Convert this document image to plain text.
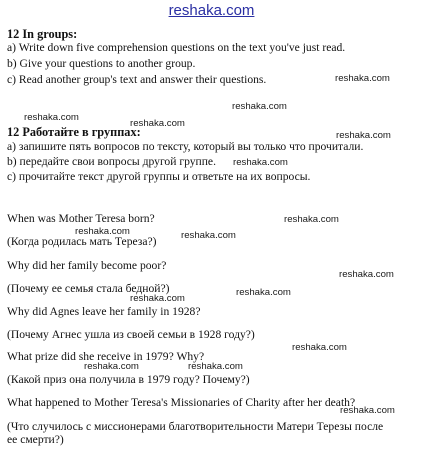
reshaka.com
12 In groups:
a) Write down five comprehension questions on the text you've just read.
b) Give your questions to another group.
c) Read another group's text and answer their questions.
12 Работайте в группах:
a) запишите пять вопросов по тексту, который вы только что прочитали.
b) передайте свои вопросы другой группе.
c) прочитайте текст другой группы и ответьте на их вопросы.
When was Mother Teresa born?
(Когда родилась мать Тереза?)
Why did her family become poor?
(Почему ее семья стала бедной?)
Why did Agnes leave her family in 1928?
(Почему Агнес ушла из своей семьи в 1928 году?)
What prize did she receive in 1979? Why?
(Какой приз она получила в 1979 году? Почему?)
What happened to Mother Teresa's Missionaries of Charity after her death?
(Что случилось с миссионерами благотворительности Матери Терезы после
ее смерти?)
reshaka.com
reshaka.com
reshaka.com
reshaka.com
reshaka.com
reshaka.com
reshaka.com
reshaka.com	reshaka.com
reshaka.com
reshaka.com
reshaka.com
reshaka.com
reshaka.com	reshaka.com
reshaka.com
